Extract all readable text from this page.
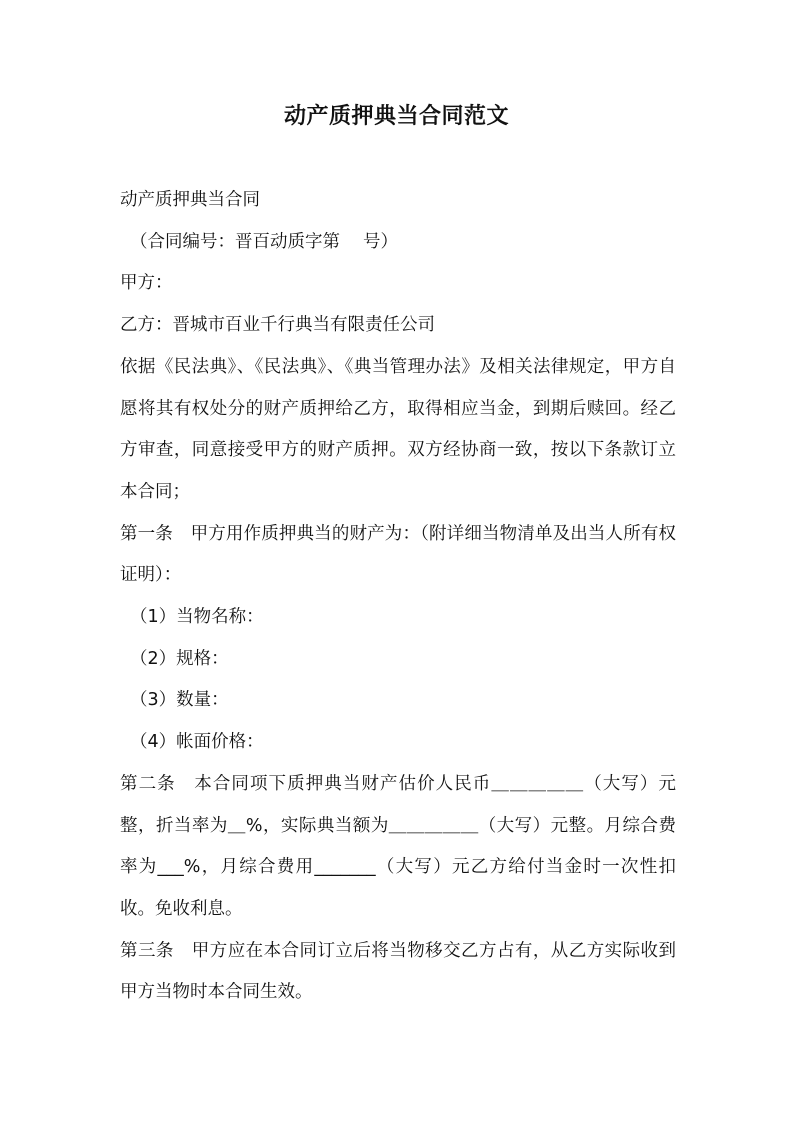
动产质押典当合同范文

动产质押典当合同

（合同编号：晋百动质字第　 号）

甲方：

乙方：晋城市百业千行典当有限责任公司

依据《民法典》、《民法典》、《典当管理办法》及相关法律规定，甲方自愿将其有权处分的财产质押给乙方，取得相应当金，到期后赎回。经乙方审查，同意接受甲方的财产质押。双方经协商一致，按以下条款订立本合同；

第一条　甲方用作质押典当的财产为：（附详细当物清单及出当人所有权证明）：

（1）当物名称：

（2）规格：

（3）数量：

（4）帐面价格：

第二条　本合同项下质押典当财产估价人民币＿＿＿＿＿（大写）元整，折当率为＿%，实际典当额为＿＿＿＿＿（大写）元整。月综合费率为___%，月综合费用_______（大写）元乙方给付当金时一次性扣收。免收利息。

第三条　甲方应在本合同订立后将当物移交乙方占有，从乙方实际收到甲方当物时本合同生效。
